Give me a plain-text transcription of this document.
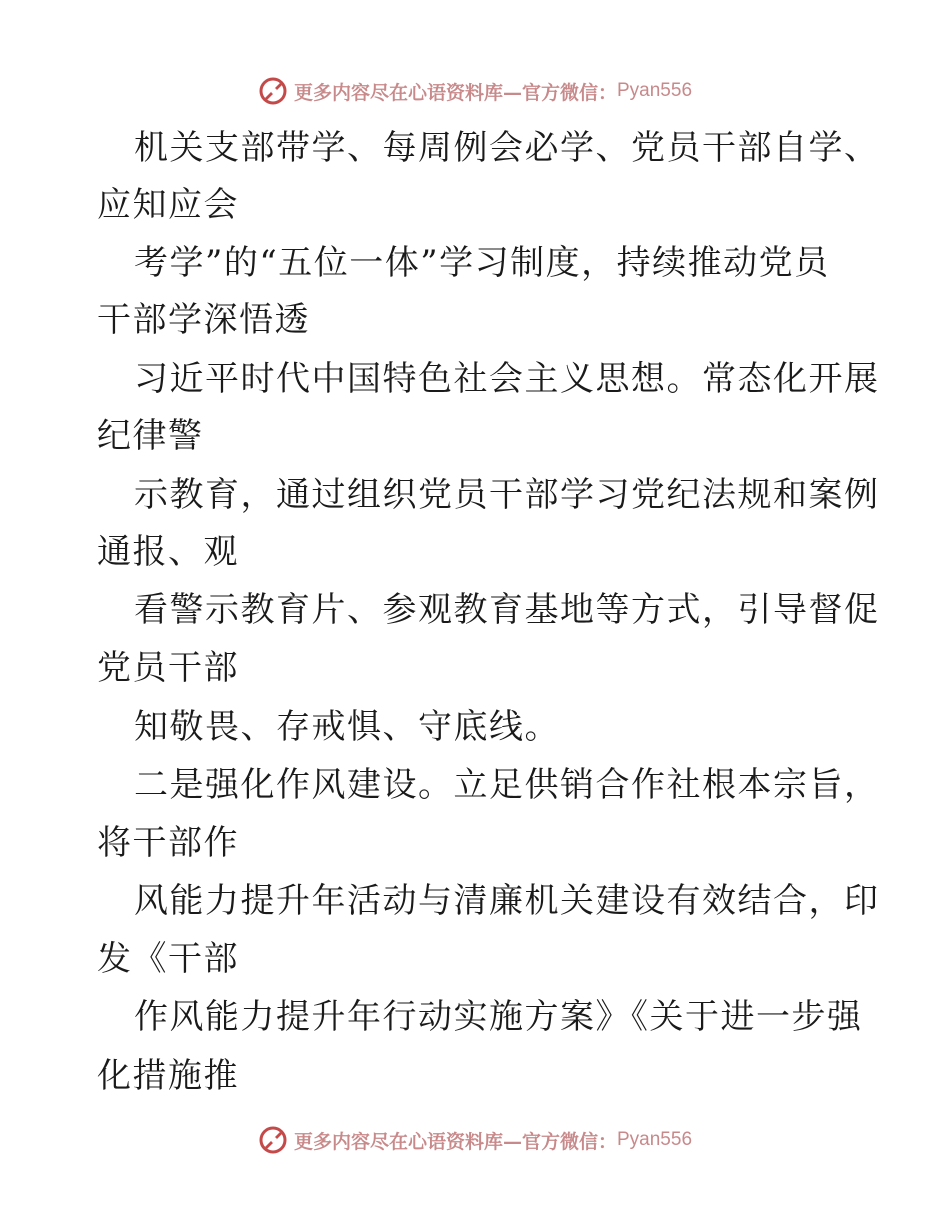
更多内容尽在心语资料库—官方微信： Pyan556
机关支部带学、每周例会必学、党员干部自学、
应知应会
考学”的“五位一体”学习制度，持续推动党员
干部学深悟透
习近平时代中国特色社会主义思想。常态化开展
纪律警
示教育，通过组织党员干部学习党纪法规和案例
通报、观
看警示教育片、参观教育基地等方式，引导督促
党员干部
知敬畏、存戒惧、守底线。
二是强化作风建设。立足供销合作社根本宗旨，
将干部作
风能力提升年活动与清廉机关建设有效结合，印
发《干部
作风能力提升年行动实施方案》《关于进一步强
化措施推
更多内容尽在心语资料库—官方微信： Pyan556
